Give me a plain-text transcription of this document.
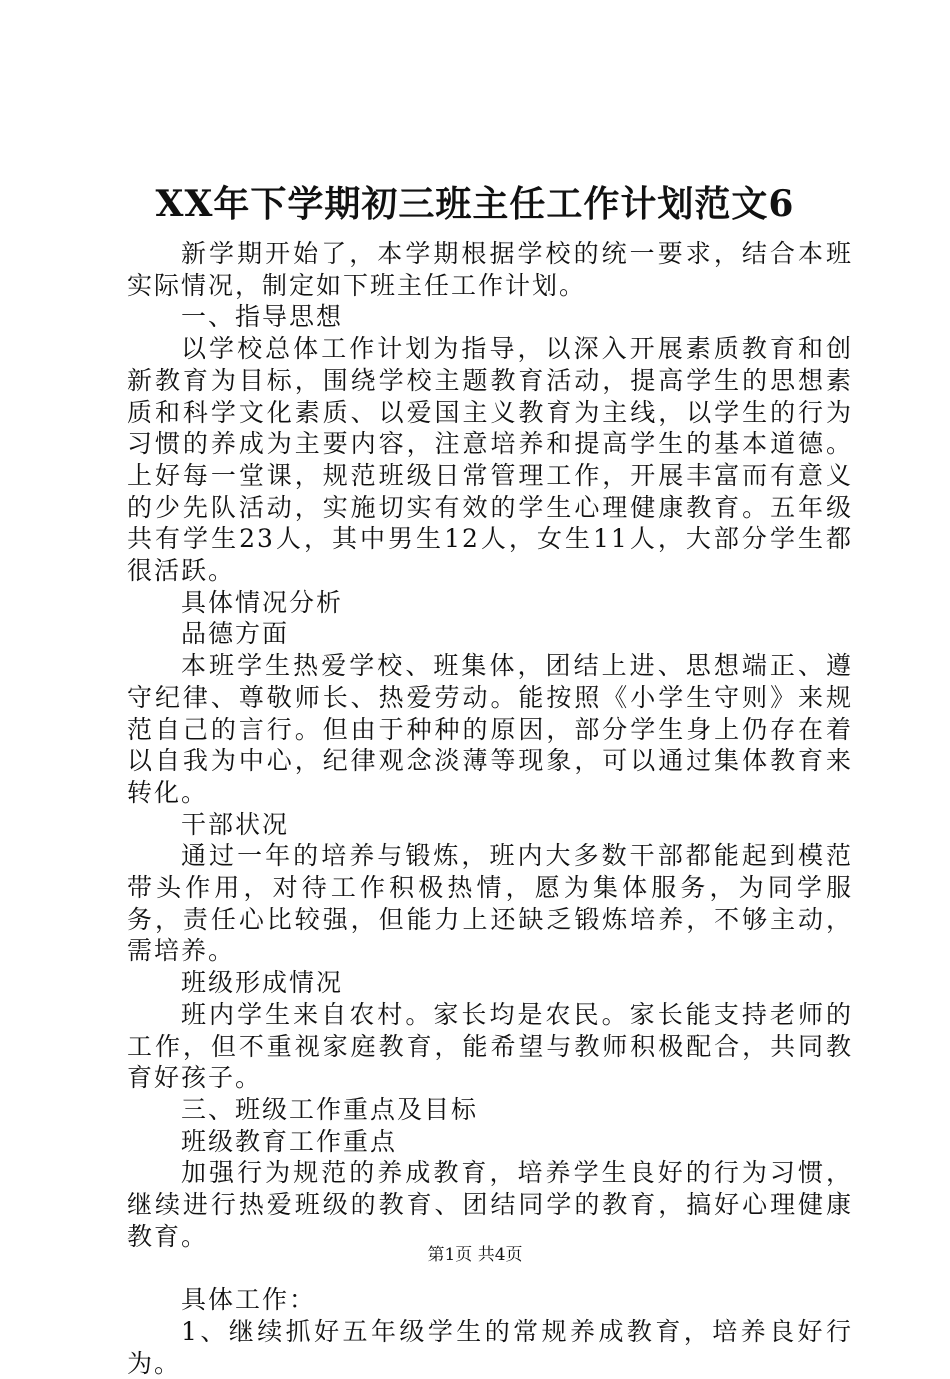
XX年下学期初三班主任工作计划范文6

新学期开始了，本学期根据学校的统一要求，结合本班实际情况，制定如下班主任工作计划。

一、指导思想

以学校总体工作计划为指导，以深入开展素质教育和创新教育为目标，围绕学校主题教育活动，提高学生的思想素质和科学文化素质、以爱国主义教育为主线，以学生的行为习惯的养成为主要内容，注意培养和提高学生的基本道德。上好每一堂课，规范班级日常管理工作，开展丰富而有意义的少先队活动，实施切实有效的学生心理健康教育。五年级共有学生23人，其中男生12人，女生11人，大部分学生都很活跃。

具体情况分析

品德方面

本班学生热爱学校、班集体，团结上进、思想端正、遵守纪律、尊敬师长、热爱劳动。能按照《小学生守则》来规范自己的言行。但由于种种的原因，部分学生身上仍存在着以自我为中心，纪律观念淡薄等现象，可以通过集体教育来转化。

干部状况

通过一年的培养与锻炼，班内大多数干部都能起到模范带头作用，对待工作积极热情，愿为集体服务，为同学服务，责任心比较强，但能力上还缺乏锻炼培养，不够主动，需培养。

班级形成情况

班内学生来自农村。家长均是农民。家长能支持老师的工作，但不重视家庭教育，能希望与教师积极配合，共同教育好孩子。

三、班级工作重点及目标

班级教育工作重点

加强行为规范的养成教育，培养学生良好的行为习惯，继续进行热爱班级的教育、团结同学的教育，搞好心理健康教育。

具体工作：

1、继续抓好五年级学生的常规养成教育，培养良好行为。

第1页 共4页
